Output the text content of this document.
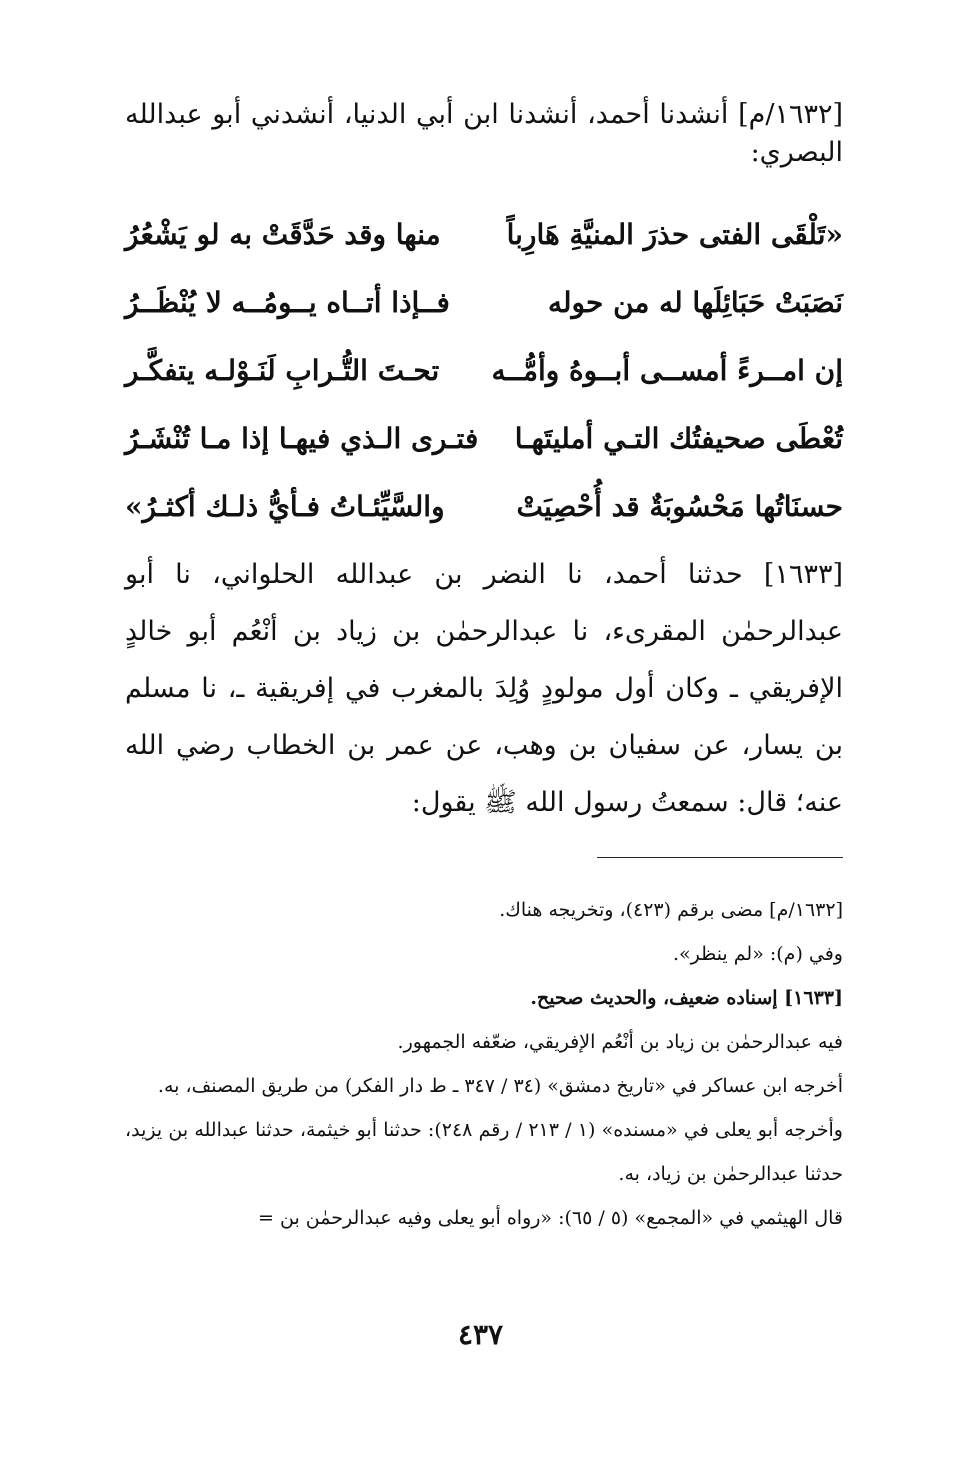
[١٦٣٢/م] أنشدنا أحمد، أنشدنا ابن أبي الدنيا، أنشدني أبو عبدالله البصري:

«تَلْقَى الفتى حذرَ المنيَّةِ هَارِباً
منها وقد حَدَّقَتْ به لو يَشْعُرُ
نَصَبَتْ حَبَائِلَها له من حوله
فــإذا أتــاه يــومُــه لا يُنْظَــرُ
إن امــرءً أمســى أبــوهُ وأمُّــه
تحـتَ التُّـرابِ لَنَـوْلـه يتفكَّـر
تُعْطَى صحيفتُك التـي أمليتَهـا
فتـرى الـذي فيهـا إذا مـا تُنْشَـرُ
حسنَاتُها مَحْسُوبَةٌ قد أُحْصِيَتْ
والسَّيِّئـاتُ فـأيُّ ذلـك أكثـرُ»

[١٦٣٣] حدثنا أحمد، نا النضر بن عبدالله الحلواني، نا أبو عبدالرحمٰن المقرىء، نا عبدالرحمٰن بن زياد بن أنْعُم أبو خالدٍ الإفريقي ـ وكان أول مولودٍ وُلِدَ بالمغرب في إفريقية ـ، نا مسلم بن يسار، عن سفيان بن وهب، عن عمر بن الخطاب رضي الله عنه؛ قال: سمعتُ رسول الله ﷺ يقول:

[١٦٣٢/م] مضى برقم (٤٢٣)، وتخريجه هناك.

وفي (م): «لم ينظر».

[١٦٣٣] إسناده ضعيف، والحديث صحيح.

فيه عبدالرحمٰن بن زياد بن أنْعُم الإفريقي، ضعّفه الجمهور.

أخرجه ابن عساكر في «تاريخ دمشق» (٣٤ / ٣٤٧ ـ ط دار الفكر) من طريق المصنف، به.

وأخرجه أبو يعلى في «مسنده» (١ / ٢١٣ / رقم ٢٤٨): حدثنا أبو خيثمة، حدثنا عبدالله بن يزيد، حدثنا عبدالرحمٰن بن زياد، به.

قال الهيثمي في «المجمع» (٥ / ٦٥): «رواه أبو يعلى وفيه عبدالرحمٰن بن =

٤٣٧
